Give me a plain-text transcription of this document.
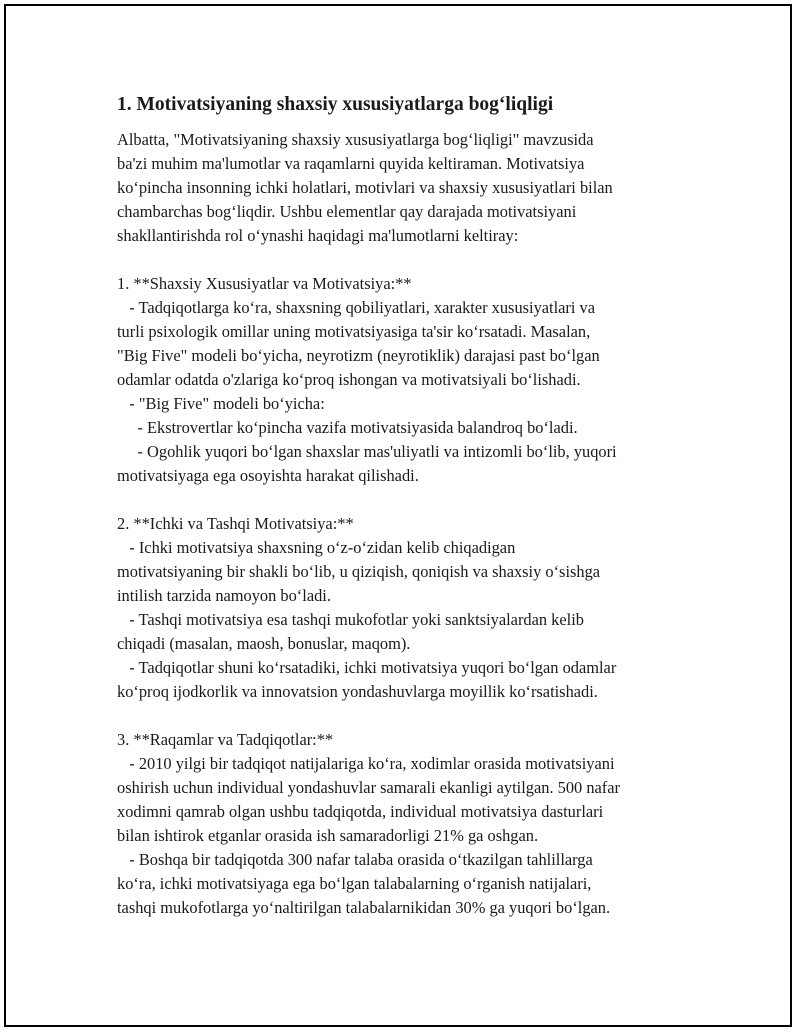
1. Motivatsiyaning shaxsiy xususiyatlarga bog‘liqligi
Albatta, "Motivatsiyaning shaxsiy xususiyatlarga bog‘liqligi" mavzusida
ba'zi muhim ma'lumotlar va raqamlarni quyida keltiraman. Motivatsiya
ko‘pincha insonning ichki holatlari, motivlari va shaxsiy xususiyatlari bilan
chambarchas bog‘liqdir. Ushbu elementlar qay darajada motivatsiyani
shakllantirishda rol o‘ynashi haqidagi ma'lumotlarni keltiray:
1. **Shaxsiy Xususiyatlar va Motivatsiya:**
- Tadqiqotlarga ko‘ra, shaxsning qobiliyatlari, xarakter xususiyatlari va
turli psixologik omillar uning motivatsiyasiga ta'sir ko‘rsatadi. Masalan,
"Big Five" modeli bo‘yicha, neyrotizm (neyrotiklik) darajasi past bo‘lgan
odamlar odatda o'zlariga ko‘proq ishongan va motivatsiyali bo‘lishadi.
- "Big Five" modeli bo‘yicha:
- Ekstrovertlar ko‘pincha vazifa motivatsiyasida balandroq bo‘ladi.
- Ogohlik yuqori bo‘lgan shaxslar mas'uliyatli va intizomli bo‘lib, yuqori
motivatsiyaga ega osoyishta harakat qilishadi.
2. **Ichki va Tashqi Motivatsiya:**
- Ichki motivatsiya shaxsning o‘z-o‘zidan kelib chiqadigan
motivatsiyaning bir shakli bo‘lib, u qiziqish, qoniqish va shaxsiy o‘sishga
intilish tarzida namoyon bo‘ladi.
- Tashqi motivatsiya esa tashqi mukofotlar yoki sanktsiyalardan kelib
chiqadi (masalan, maosh, bonuslar, maqom).
- Tadqiqotlar shuni ko‘rsatadiki, ichki motivatsiya yuqori bo‘lgan odamlar
ko‘proq ijodkorlik va innovatsion yondashuvlarga moyillik ko‘rsatishadi.
3. **Raqamlar va Tadqiqotlar:**
- 2010 yilgi bir tadqiqot natijalariga ko‘ra, xodimlar orasida motivatsiyani
oshirish uchun individual yondashuvlar samarali ekanligi aytilgan. 500 nafar
xodimni qamrab olgan ushbu tadqiqotda, individual motivatsiya dasturlari
bilan ishtirok etganlar orasida ish samaradorligi 21% ga oshgan.
- Boshqa bir tadqiqotda 300 nafar talaba orasida o‘tkazilgan tahlillarga
ko‘ra, ichki motivatsiyaga ega bo‘lgan talabalarning o‘rganish natijalari,
tashqi mukofotlarga yo‘naltirilgan talabalarnikidan 30% ga yuqori bo‘lgan.
